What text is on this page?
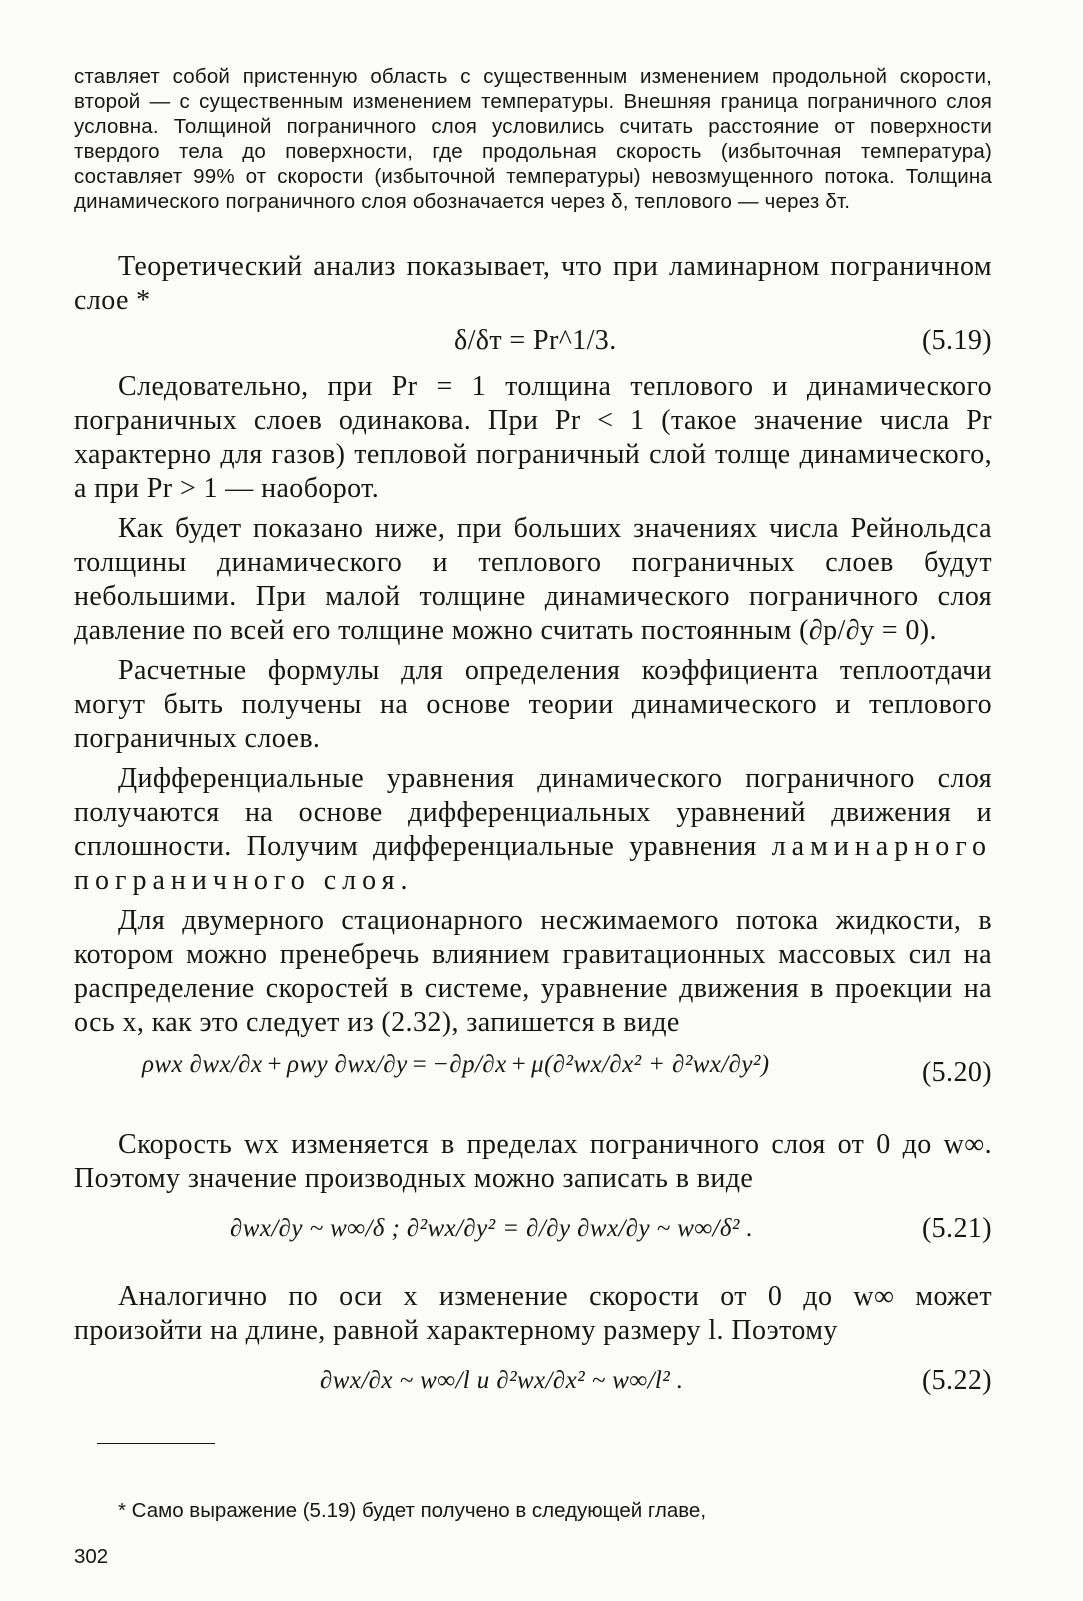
ставляет собой пристенную область с существенным изменением продольной скорости, второй — с существенным изменением температуры. Внешняя граница пограничного слоя условна. Толщиной пограничного слоя условились считать расстояние от поверхности твердого тела до поверхности, где продольная скорость (избыточная температура) составляет 99% от скорости (избыточной температуры) невозмущенного потока. Толщина динамического пограничного слоя обозначается через δ, теплового — через δт.

Теоретический анализ показывает, что при ламинарном пограничном слое *

δ/δт = Pr^1/3.	(5.19)

Следовательно, при Pr = 1 толщина теплового и динамического пограничных слоев одинакова. При Pr < 1 (такое значение числа Pr характерно для газов) тепловой пограничный слой толще динамического, а при Pr > 1 — наоборот.

Как будет показано ниже, при больших значениях числа Рейнольдса толщины динамического и теплового пограничных слоев будут небольшими. При малой толщине динамического пограничного слоя давление по всей его толщине можно считать постоянным (∂p/∂y = 0).

Расчетные формулы для определения коэффициента теплоотдачи могут быть получены на основе теории динамического и теплового пограничных слоев.

Дифференциальные уравнения динамического пограничного слоя получаются на основе дифференциальных уравнений движения и сплошности. Получим дифференциальные уравнения ламинарного пограничного слоя.

Для двумерного стационарного несжимаемого потока жидкости, в котором можно пренебречь влиянием гравитационных массовых сил на распределение скоростей в системе, уравнение движения в проекции на ось x, как это следует из (2.32), запишется в виде

ρwx ∂wx/∂x + ρwy ∂wx/∂y = −∂p/∂x + μ(∂²wx/∂x² + ∂²wx/∂y²)	(5.20)

Скорость wx изменяется в пределах пограничного слоя от 0 до w∞. Поэтому значение производных можно записать в виде

∂wx/∂y ~ w∞/δ ; ∂²wx/∂y² = ∂/∂y ∂wx/∂y ~ w∞/δ² .	(5.21)

Аналогично по оси x изменение скорости от 0 до w∞ может произойти на длине, равной характерному размеру l. Поэтому

∂wx/∂x ~ w∞/l и ∂²wx/∂x² ~ w∞/l² .	(5.22)
* Само выражение (5.19) будет получено в следующей главе,
302
